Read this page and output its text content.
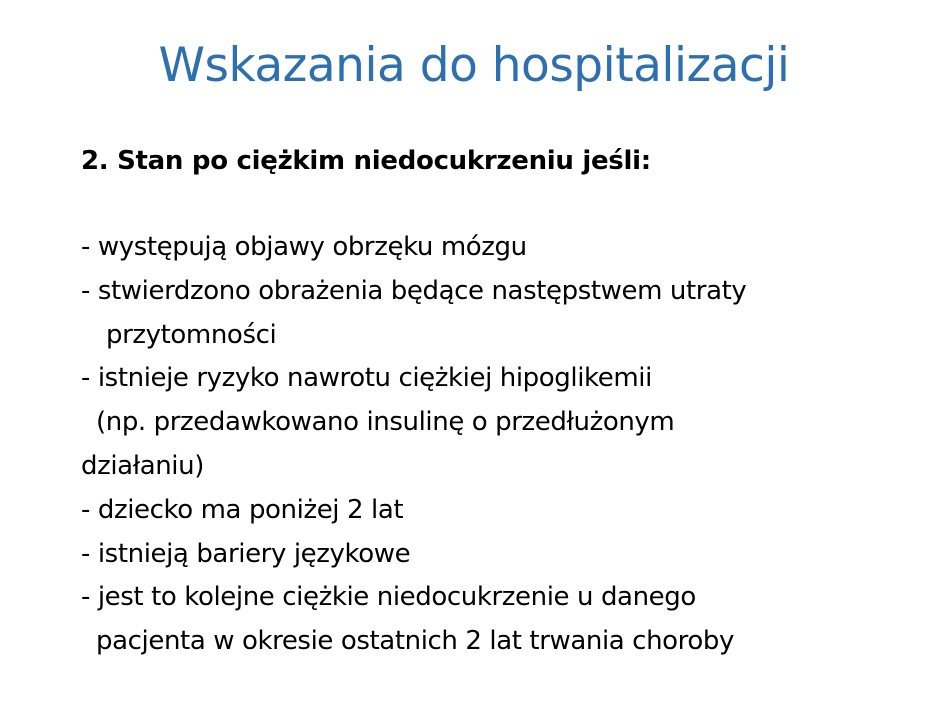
Wskazania do hospitalizacji
2. Stan po ciężkim niedocukrzeniu jeśli:
- występują objawy obrzęku mózgu
- stwierdzono obrażenia będące następstwem utraty
przytomności
- istnieje ryzyko nawrotu ciężkiej hipoglikemii
(np. przedawkowano insulinę o przedłużonym
działaniu)
- dziecko ma poniżej 2 lat
- istnieją bariery językowe
- jest to kolejne ciężkie niedocukrzenie u danego
pacjenta w okresie ostatnich 2 lat trwania choroby
